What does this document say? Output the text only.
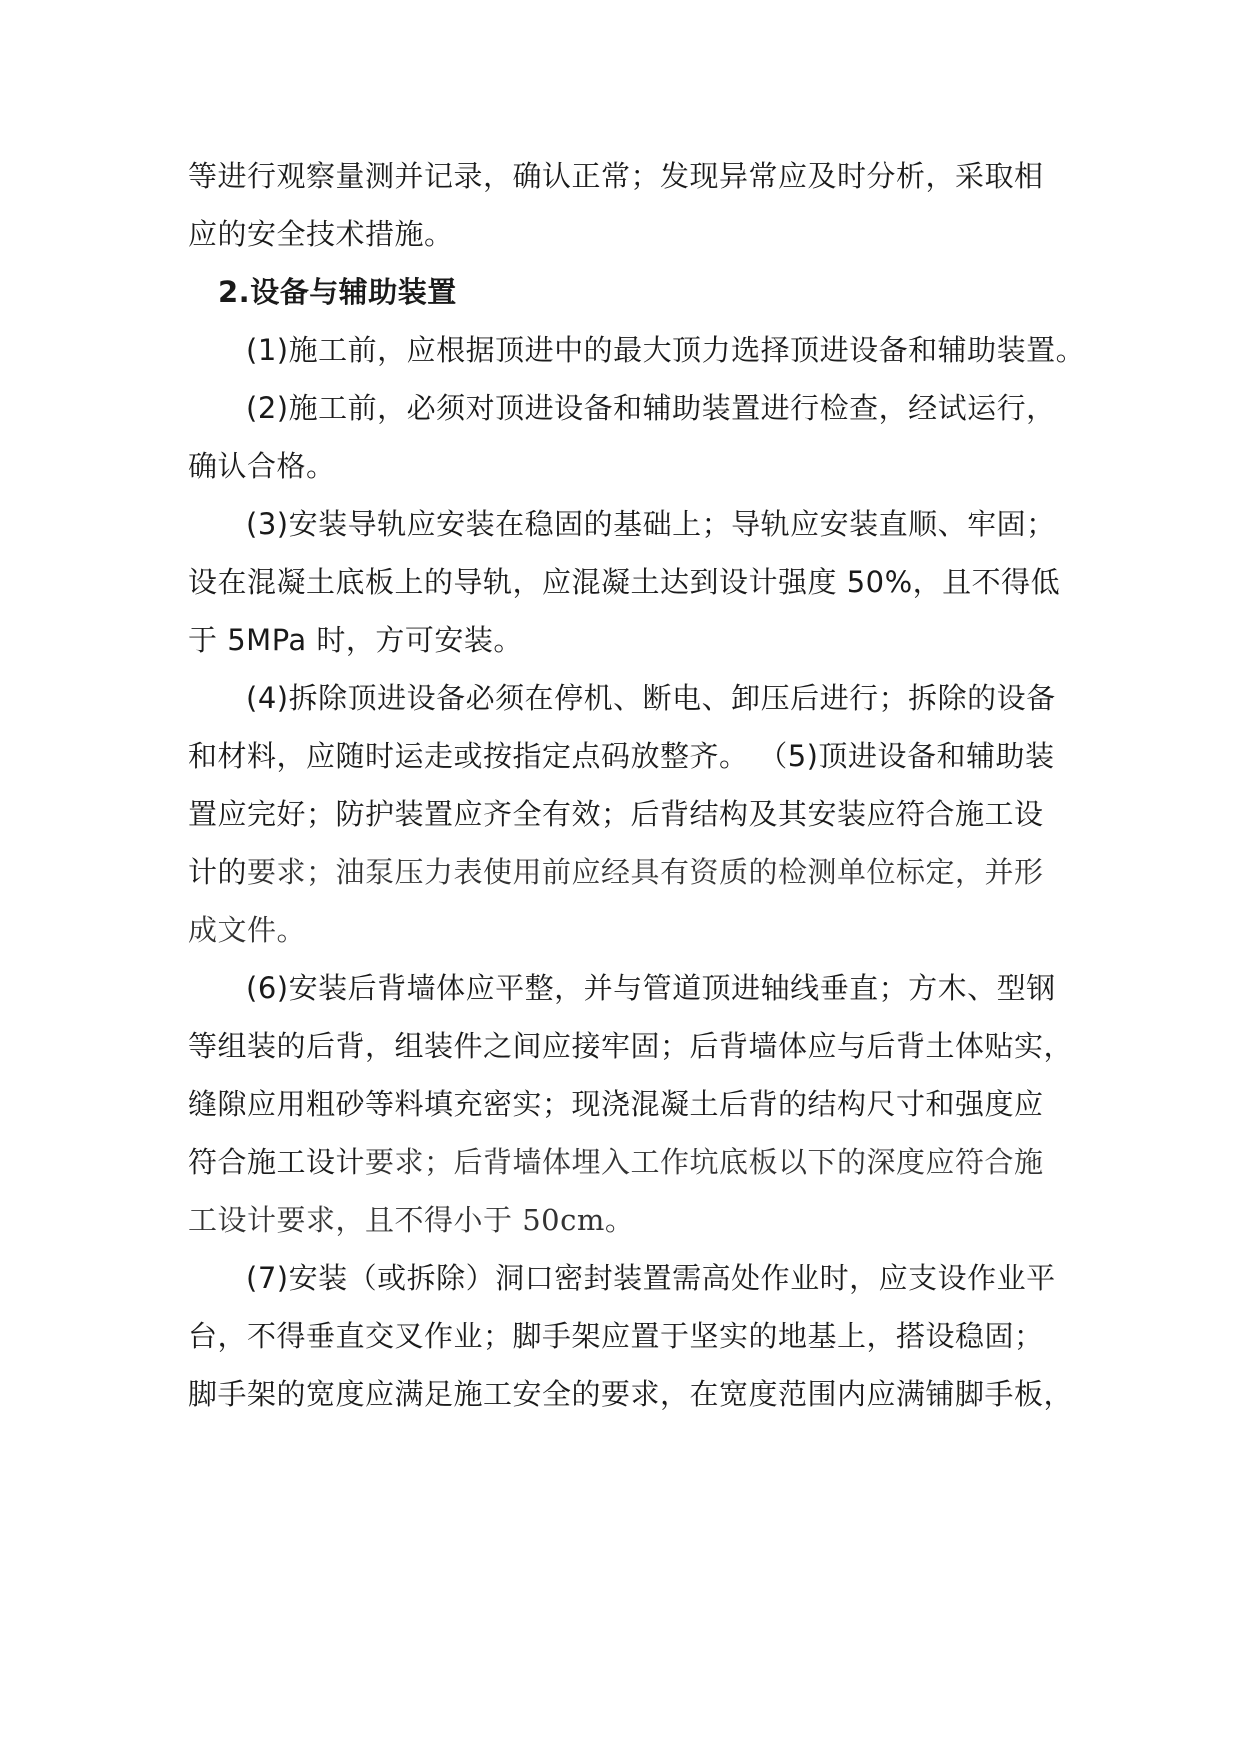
等进行观察量测并记录，确认正常；发现异常应及时分析，采取相
应的安全技术措施。
2.设备与辅助装置
(1)施工前，应根据顶进中的最大顶力选择顶进设备和辅助装置。
(2)施工前，必须对顶进设备和辅助装置进行检查，经试运行，
确认合格。
(3)安装导轨应安装在稳固的基础上；导轨应安装直顺、牢固；
设在混凝土底板上的导轨，应混凝土达到设计强度 50%，且不得低
于 5MPa 时，方可安装。
(4)拆除顶进设备必须在停机、断电、卸压后进行；拆除的设备
和材料，应随时运走或按指定点码放整齐。 （5)顶进设备和辅助装
置应完好；防护装置应齐全有效；后背结构及其安装应符合施工设
计的要求；油泵压力表使用前应经具有资质的检测单位标定，并形
成文件。
(6)安装后背墙体应平整，并与管道顶进轴线垂直；方木、型钢
等组装的后背，组装件之间应接牢固；后背墙体应与后背土体贴实，
缝隙应用粗砂等料填充密实；现浇混凝土后背的结构尺寸和强度应
符合施工设计要求；后背墙体埋入工作坑底板以下的深度应符合施
工设计要求，且不得小于 50cm。
(7)安装（或拆除）洞口密封装置需高处作业时，应支设作业平
台，不得垂直交叉作业；脚手架应置于坚实的地基上，搭设稳固；
脚手架的宽度应满足施工安全的要求，在宽度范围内应满铺脚手板，
